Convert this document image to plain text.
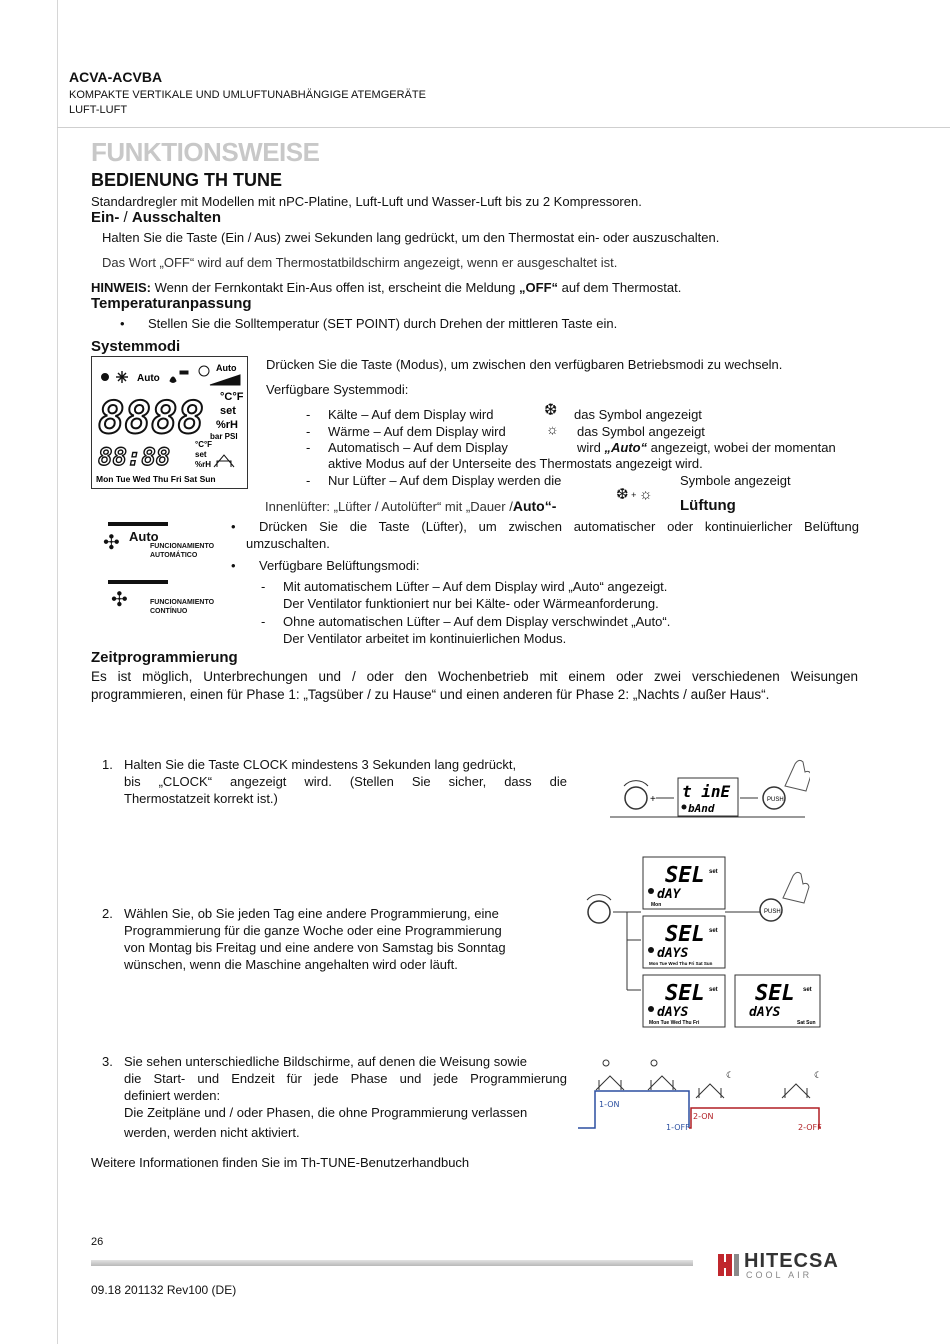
ACVA-ACVBA
KOMPAKTE VERTIKALE UND UMLUFTUNABHÄNGIGE ATEMGERÄTE
LUFT-LUFT
FUNKTIONSWEISE
BEDIENUNG TH TUNE
Standardregler mit Modellen mit nPC-Platine, Luft-Luft und Wasser-Luft bis zu 2 Kompressoren.
Ein- / Ausschalten
Halten Sie die Taste (Ein / Aus) zwei Sekunden lang gedrückt, um den Thermostat ein- oder auszuschalten.
Das Wort „OFF“ wird auf dem Thermostatbildschirm angezeigt, wenn er ausgeschaltet ist.
HINWEIS: Wenn der Fernkontakt Ein-Aus offen ist, erscheint die Meldung „OFF“ auf dem Thermostat.
Temperaturanpassung
• Stellen Sie die Solltemperatur (SET POINT) durch Drehen der mittleren Taste ein.
Systemmodi
Auto
Auto
8888 °C°F
set
%rH
bar PSI
88:88	°C°F
set
%rH
Mon Tue Wed Thu Fri Sat Sun
Drücken Sie die Taste (Modus), um zwischen den verfügbaren Betriebsmodi zu wechseln.
Verfügbare Systemmodi:
- Kälte – Auf dem Display wird	❆ das Symbol angezeigt
- Wärme – Auf dem Display wird	☼ das Symbol angezeigt
- Automatisch – Auf dem Display	wird „Auto“ angezeigt, wobei der momentan
aktive Modus auf der Unterseite des Thermostats angezeigt wird.
- Nur Lüfter – Auf dem Display werden die	Symbole angezeigt
❆ + ☼
Innenlüfter: „Lüfter / Autolüfter“ mit „Dauer /Auto“-	Lüftung
✣ Auto
FUNCIONAMIENTO
AUTOMÁTICO
✣	FUNCIONAMIENTO
CONTÍNUO
• Drücken Sie die Taste (Lüfter), um zwischen automatischer oder kontinuierlicher Belüftung
umzuschalten.
• Verfügbare Belüftungsmodi:
- Mit automatischem Lüfter – Auf dem Display wird „Auto“ angezeigt.
Der Ventilator funktioniert nur bei Kälte- oder Wärmeanforderung.
- Ohne automatischen Lüfter – Auf dem Display verschwindet „Auto“.
Der Ventilator arbeitet im kontinuierlichen Modus.
Zeitprogrammierung
Es ist möglich, Unterbrechungen und / oder den Wochenbetrieb mit einem oder zwei verschiedenen Weisungen
programmieren, einen für Phase 1: „Tagsüber / zu Hause“ und einen anderen für Phase 2: „Nachts / außer Haus“.
1. Halten Sie die Taste CLOCK mindestens 3 Sekunden lang gedrückt,
bis „CLOCK“ angezeigt wird. (Stellen Sie sicher, dass die
Thermostatzeit korrekt ist.)	+ t inE
bAnd
PUSH
2. Wählen Sie, ob Sie jeden Tag eine andere Programmierung, eine
Programmierung für die ganze Woche oder eine Programmierung
von Montag bis Freitag und eine andere von Samstag bis Sonntag
wünschen, wenn die Maschine angehalten wird oder läuft.
PUSH
SEL set
dAY
Mon
SEL set
dAYS
Mon Tue Wed Thu Fri Sat Sun
SEL set
dAYS
Mon Tue Wed Thu Fri
SEL set
dAYS
Sat Sun
3. Sie sehen unterschiedliche Bildschirme, auf denen die Weisung sowie
die Start- und Endzeit für jede Phase und jede Programmierung
definiert werden:
Die Zeitpläne und / oder Phasen, die ohne Programmierung verlassen
werden, werden nicht aktiviert.
☾	☾
1-ON
1-OFF
2-ON
2-OFF
Weitere Informationen finden Sie im Th-TUNE-Benutzerhandbuch
26
HITECSA
COOL AIR
09.18 201132 Rev100 (DE)
